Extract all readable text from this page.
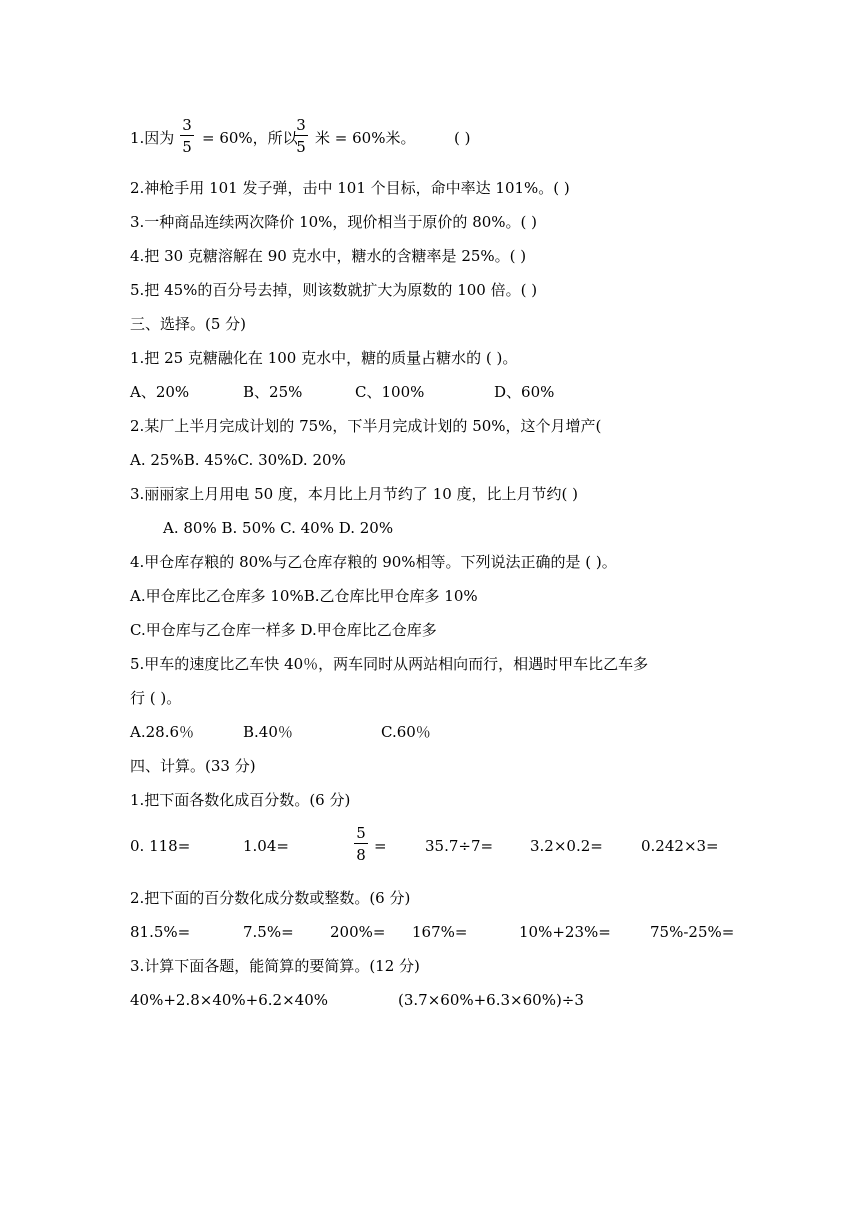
1.因为 $\frac{3}{5} = 60\%$，所以
$\frac{3}{5}$ 米 = 60%米。	( )
2.神枪手用 101 发子弹，击中 101 个目标，命中率达 101%。( )
3.一种商品连续两次降价 10%，现价相当于原价的 80%。( )
4.把 30 克糖溶解在 90 克水中，糖水的含糖率是 25%。( )
5.把 45%的百分号去掉，则该数就扩大为原数的 100 倍。( )
三、选择。(5 分)
1.把 25 克糖融化在 100 克水中，糖的质量占糖水的 ( )。
A、20%	B、25%	C、100%	D、60%
2.某厂上半月完成计划的 75%，下半月完成计划的 50%，这个月增产(
A. 25%B. 45%C. 30%D. 20%
3.丽丽家上月用电 50 度，本月比上月节约了 10 度，比上月节约( )
A. 80% B. 50% C. 40% D. 20%
4.甲仓库存粮的 80%与乙仓库存粮的 90%相等。下列说法正确的是 ( )。
A.甲仓库比乙仓库多 10%B.乙仓库比甲仓库多 10%
C.甲仓库与乙仓库一样多 D.甲仓库比乙仓库多
5.甲车的速度比乙车快 40％，两车同时从两站相向而行，相遇时甲车比乙车多
行 ( )。
A.28.6％	B.40％	C.60％
四、计算。(33 分)
1.把下面各数化成百分数。(6 分)
0. 118=	1.04=	$\frac{5}{8}$ =	35.7÷7= 3.2×0.2=	0.242×3=
2.把下面的百分数化成分数或整数。(6 分)
81.5%=	7.5%= 200%= 167%=	10%+23%=	75%-25%=
3.计算下面各题，能简算的要简算。(12 分)
40%+2.8×40%+6.2×40%	(3.7×60%+6.3×60%)÷3
